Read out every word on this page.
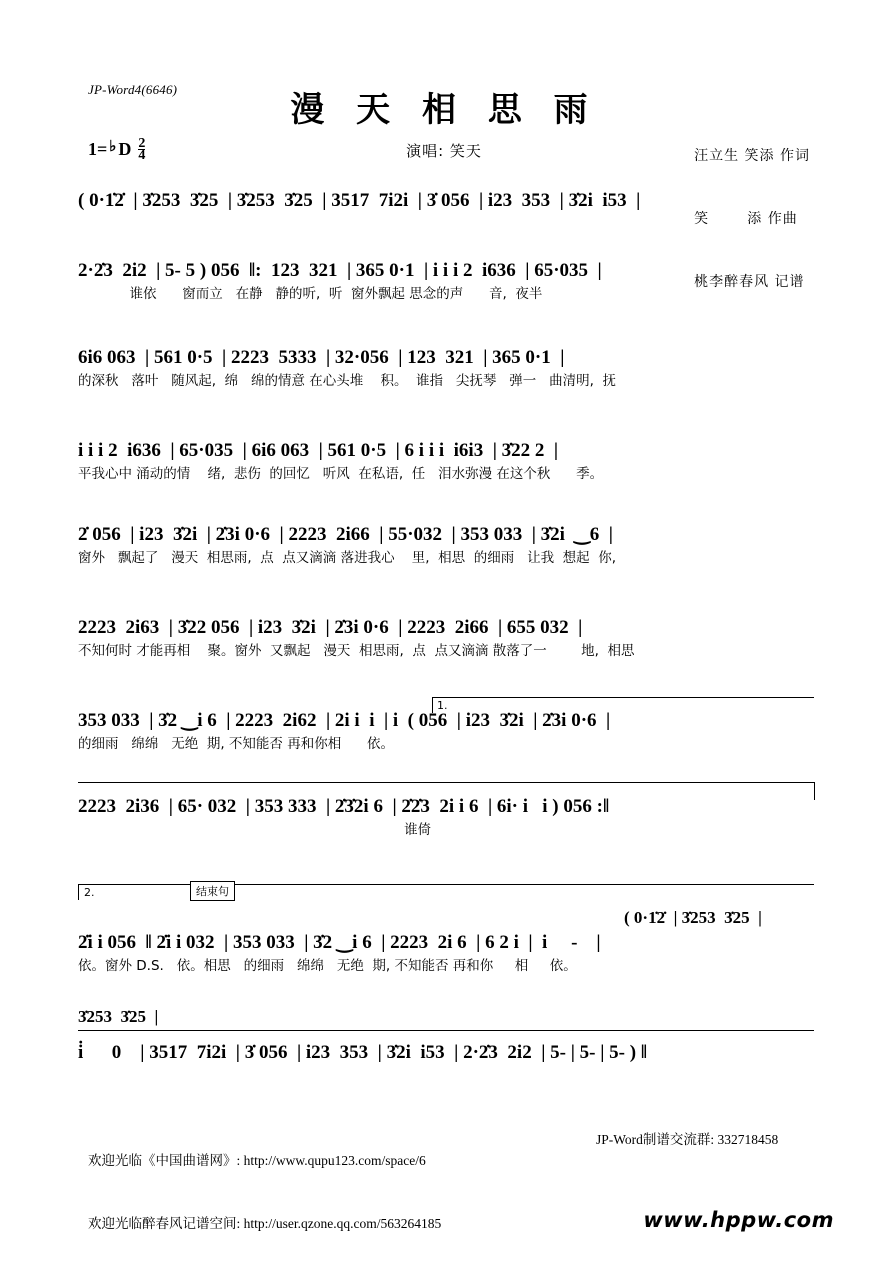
JP-Word4(6646)
漫 天 相 思 雨
演唱: 笑天

	汪立生 笑添 作词

笑       添 作曲

桃李醉春风 记谱

1= ♭ D $\frac{2}{4}$
( 0·1̇2̇  | 3̇253  3̇25  | 3̇253  3̇25  | 3517  7i2i  | 3̇ 056  | i23  353  | 3̇2i  i53  |
2·2̇3  2i2  | 5- 5 ) 056  ‖:  123  321  | 365 0·1  | i i i 2  i636  | 65·035  |
谁依      窗而立   在静   静的听,  听  窗外飘起 思念的声      音,  夜半
6i6 063  | 561 0·5  | 2223  5333  | 32·056  | 123  321  | 365 0·1  |
的深秋   落叶   随风起,  绵   绵的情意 在心头堆    积。  谁指   尖抚琴   弹一   曲清明,  抚
i i i 2  i636  | 65·035  | 6i6 063  | 561 0·5  | 6 i i i  i6i3  | 3̇22 2  |
平我心中 涌动的情    绪,  悲伤  的回忆   听风  在私语,  任   泪水弥漫 在这个秋      季。
2̇ 056  | i23  3̇2i  | 2̇3i 0·6  | 2223  2i66  | 55·032  | 353 033  | 3̇2i  ‿6  |
窗外   飘起了   漫天  相思雨,  点  点又滴滴 落进我心    里,  相思  的细雨   让我  想起  你,
2223  2i63  | 3̇22 056  | i23  3̇2i  | 2̇3i 0·6  | 2223  2i66  | 655 032  |
不知何时 才能再相    聚。窗外  又飘起   漫天  相思雨,  点  点又滴滴 散落了一        地,  相思
1.
353 033  | 3̇2 ‿i 6  | 2223  2i62  | 2i i  i  | i  ( 056  | i23  3̇2i  | 2̇3i 0·6  |
的细雨   绵绵   无绝  期, 不知能否 再和你相      依。
2223  2i36  | 65· 032  | 353 333  | 2̇3̇2i 6  | 2̇2̇3  2i i 6  | 6i· i   i ) 056 :‖
谁倚
2.	结束句
( 0·1̇2̇  | 3̇253  3̇25  |
2̇i i 056  ‖ 2̇i i 032  | 353 033  | 3̇2 ‿i 6  | 2223  2i 6  | 6 2 i  |  i     -    |
依。窗外 D.S.   依。相思   的细雨   绵绵   无绝  期, 不知能否 再和你     相     依。
3̇253  3̇25  |
i̇      0    | 3517  7i2i  | 3̇ 056  | i23  353  | 3̇2i  i53  | 2·2̇3  2i2  | 5- | 5- | 5- ) ‖

欢迎光临《中国曲谱网》: http://www.qupu123.com/space/6

欢迎光临醉春风记谱空间: http://user.qzone.qq.com/563264185

JP-Word制谱交流群: 332718458
www.hppw.com
